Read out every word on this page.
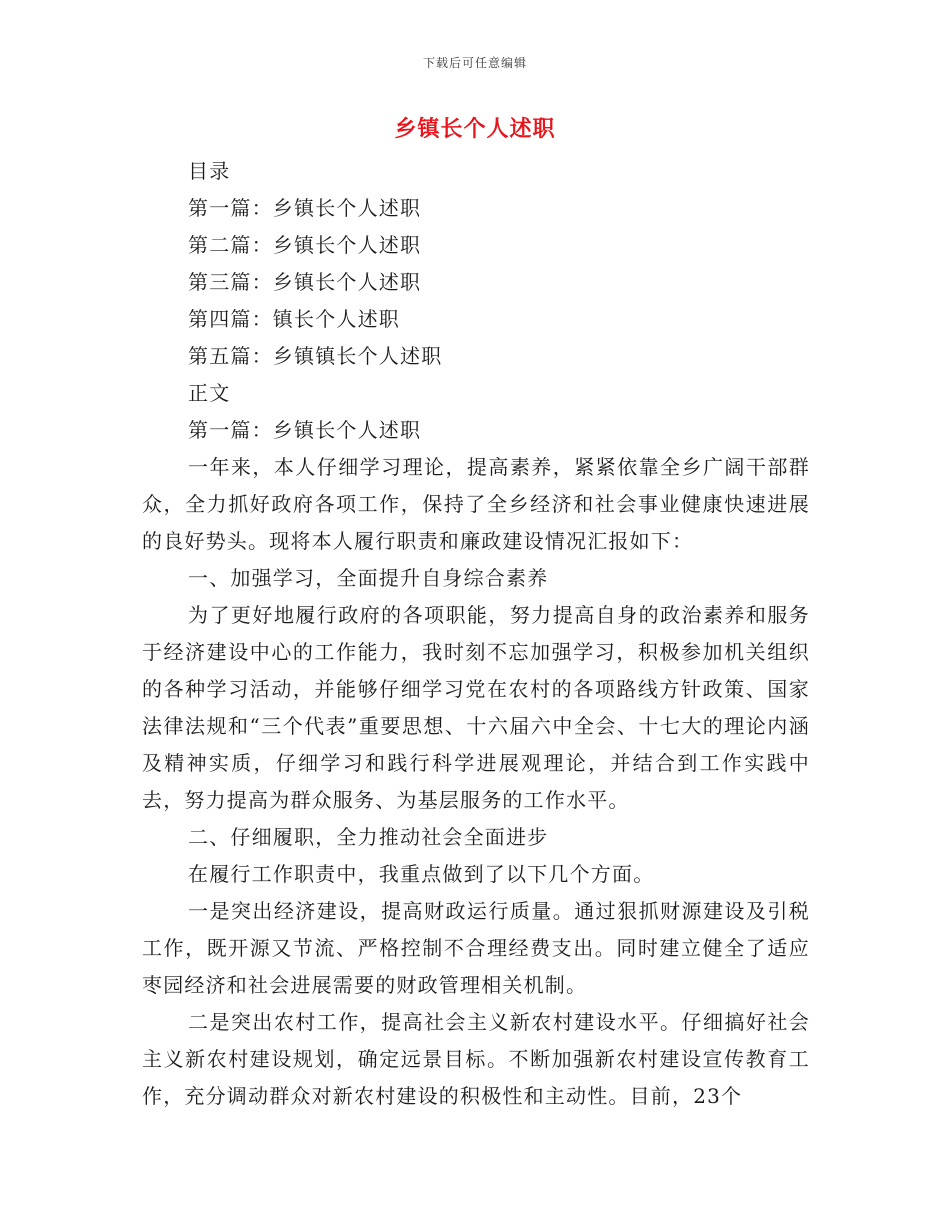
下载后可任意编辑
乡镇长个人述职
目录
第一篇：乡镇长个人述职
第二篇：乡镇长个人述职
第三篇：乡镇长个人述职
第四篇：镇长个人述职
第五篇：乡镇镇长个人述职
正文
第一篇：乡镇长个人述职

一年来，本人仔细学习理论，提高素养，紧紧依靠全乡广阔干部群众，全力抓好政府各项工作，保持了全乡经济和社会事业健康快速进展的良好势头。现将本人履行职责和廉政建设情况汇报如下：

一、加强学习，全面提升自身综合素养

为了更好地履行政府的各项职能，努力提高自身的政治素养和服务于经济建设中心的工作能力，我时刻不忘加强学习，积极参加机关组织的各种学习活动，并能够仔细学习党在农村的各项路线方针政策、国家法律法规和“三个代表”重要思想、十六届六中全会、十七大的理论内涵及精神实质，仔细学习和践行科学进展观理论，并结合到工作实践中去，努力提高为群众服务、为基层服务的工作水平。

二、仔细履职，全力推动社会全面进步

在履行工作职责中，我重点做到了以下几个方面。

一是突出经济建设，提高财政运行质量。通过狠抓财源建设及引税工作，既开源又节流、严格控制不合理经费支出。同时建立健全了适应枣园经济和社会进展需要的财政管理相关机制。

二是突出农村工作，提高社会主义新农村建设水平。仔细搞好社会主义新农村建设规划，确定远景目标。不断加强新农村建设宣传教育工作，充分调动群众对新农村建设的积极性和主动性。目前，23个
